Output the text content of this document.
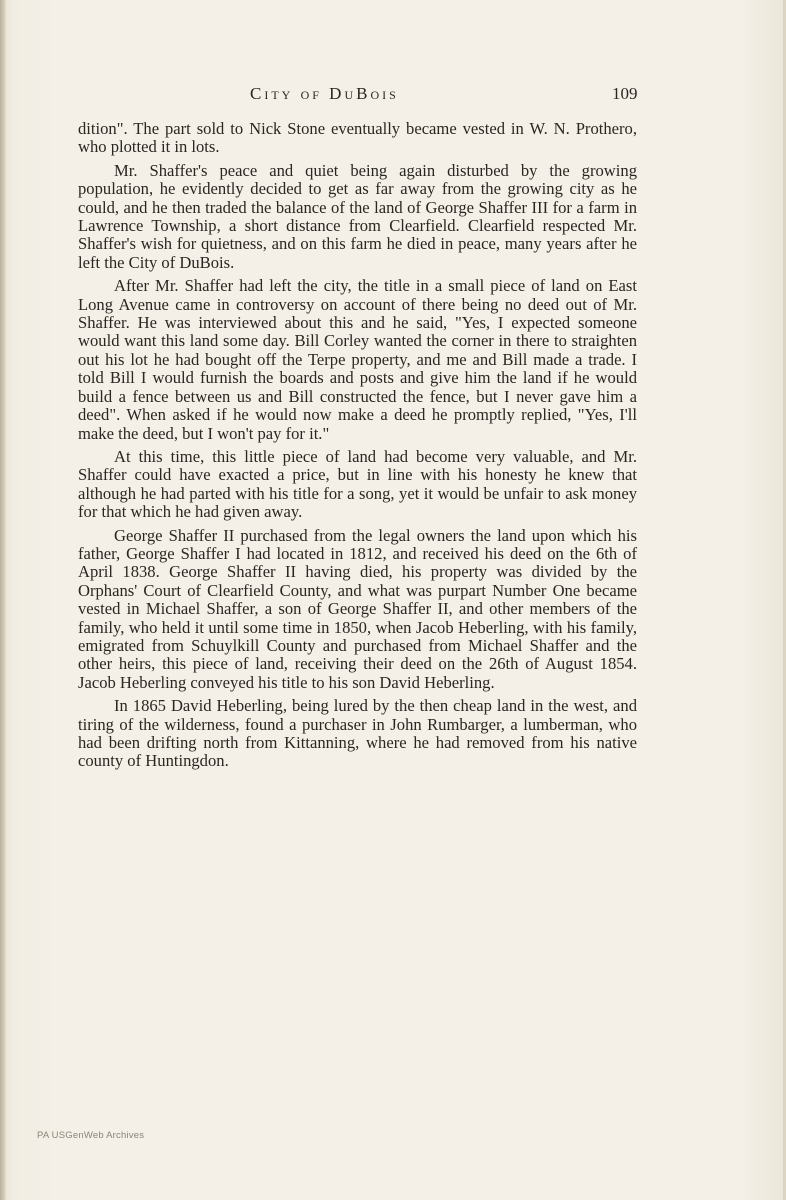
City of DuBois	109

dition". The part sold to Nick Stone eventually became vested in W. N. Prothero, who plotted it in lots.

Mr. Shaffer's peace and quiet being again disturbed by the growing population, he evidently decided to get as far away from the growing city as he could, and he then traded the balance of the land of George Shaffer III for a farm in Lawrence Township, a short distance from Clearfield. Clearfield respected Mr. Shaffer's wish for quietness, and on this farm he died in peace, many years after he left the City of DuBois.

After Mr. Shaffer had left the city, the title in a small piece of land on East Long Avenue came in controversy on account of there being no deed out of Mr. Shaffer. He was interviewed about this and he said, "Yes, I expected someone would want this land some day. Bill Corley wanted the corner in there to straighten out his lot he had bought off the Terpe property, and me and Bill made a trade. I told Bill I would furnish the boards and posts and give him the land if he would build a fence between us and Bill constructed the fence, but I never gave him a deed". When asked if he would now make a deed he promptly replied, "Yes, I'll make the deed, but I won't pay for it."

At this time, this little piece of land had become very valuable, and Mr. Shaffer could have exacted a price, but in line with his honesty he knew that although he had parted with his title for a song, yet it would be unfair to ask money for that which he had given away.

George Shaffer II purchased from the legal owners the land upon which his father, George Shaffer I had located in 1812, and received his deed on the 6th of April 1838. George Shaffer II having died, his property was divided by the Orphans' Court of Clearfield County, and what was purpart Number One became vested in Michael Shaffer, a son of George Shaffer II, and other members of the family, who held it until some time in 1850, when Jacob Heberling, with his family, emigrated from Schuylkill County and purchased from Michael Shaffer and the other heirs, this piece of land, receiving their deed on the 26th of August 1854. Jacob Heberling conveyed his title to his son David Heberling.

In 1865 David Heberling, being lured by the then cheap land in the west, and tiring of the wilderness, found a purchaser in John Rumbarger, a lumberman, who had been drifting north from Kittanning, where he had removed from his native county of Huntingdon.

PA USGenWeb Archives
